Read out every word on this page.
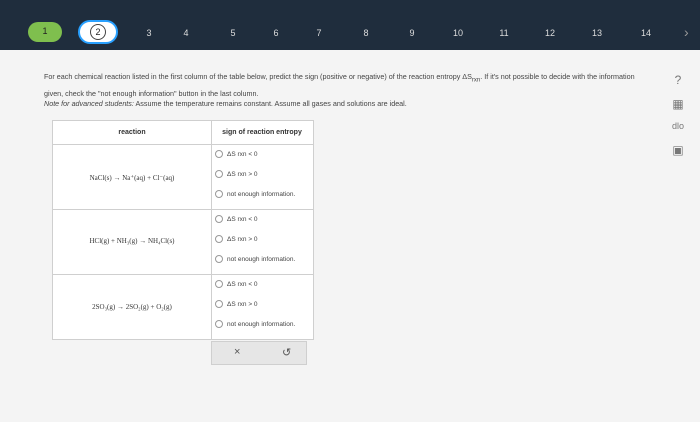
1	2	3	4	5	6	7	8	9	10	11	12	13	14	›

For each chemical reaction listed in the first column of the table below, predict the sign (positive or negative) of the reaction entropy $\Delta S_{rxn}$. If it's not possible to decide with the information given, check the "not enough information" button in the last column.

Note for advanced students: Assume the temperature remains constant. Assume all gases and solutions are ideal.
reaction	sign of reaction entropy
NaCl(s) → Na⁺(aq) + Cl⁻(aq)
ΔS rxn < 0
ΔS rxn > 0
not enough information.
HCl(g) + NH₃(g) → NH₄Cl(s)
ΔS rxn < 0
ΔS rxn > 0
not enough information.
2SO₃(g) → 2SO₂(g) + O₂(g)
ΔS rxn < 0
ΔS rxn > 0
not enough information.
×	↺
?
▦
dlo
▣
